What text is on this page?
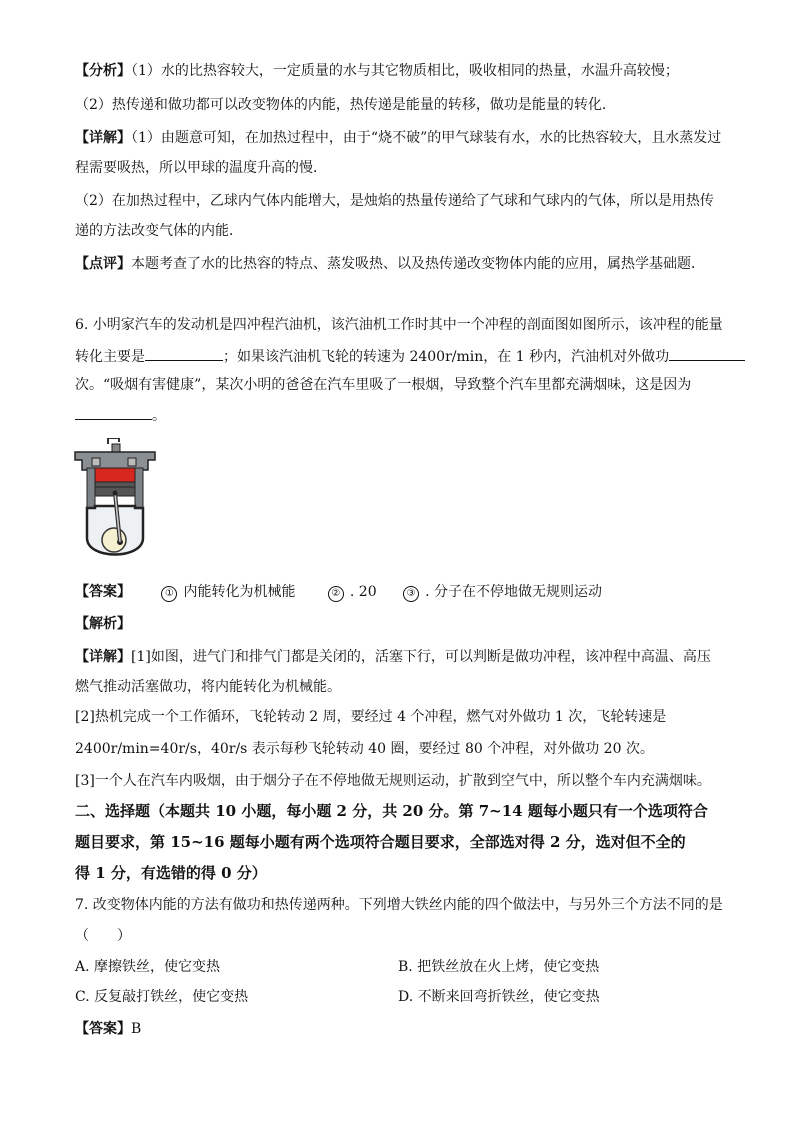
【分析】（1）水的比热容较大，一定质量的水与其它物质相比，吸收相同的热量，水温升高较慢；
（2）热传递和做功都可以改变物体的内能，热传递是能量的转移，做功是能量的转化．
【详解】（1）由题意可知，在加热过程中，由于“烧不破”的甲气球装有水，水的比热容较大，且水蒸发过
程需要吸热，所以甲球的温度升高的慢．
（2）在加热过程中，乙球内气体内能增大，是烛焰的热量传递给了气球和气球内的气体，所以是用热传
递的方法改变气体的内能．
【点评】本题考查了水的比热容的特点、蒸发吸热、以及热传递改变物体内能的应用，属热学基础题．
6. 小明家汽车的发动机是四冲程汽油机，该汽油机工作时其中一个冲程的剖面图如图所示，该冲程的能量
转化主要是	；如果该汽油机飞轮的转速为 2400r/min，在 1 秒内，汽油机对外做功
次。“吸烟有害健康”，某次小明的爸爸在汽车里吸了一根烟，导致整个汽车里都充满烟味，这是因为
。
【答案】	① 内能转化为机械能	② . 20	③ . 分子在不停地做无规则运动
【解析】
【详解】[1]如图，进气门和排气门都是关闭的，活塞下行，可以判断是做功冲程，该冲程中高温、高压
燃气推动活塞做功，将内能转化为机械能。
[2]热机完成一个工作循环，飞轮转动 2 周，要经过 4 个冲程，燃气对外做功 1 次，飞轮转速是
2400r/min=40r/s，40r/s 表示每秒飞轮转动 40 圈，要经过 80 个冲程，对外做功 20 次。
[3]一个人在汽车内吸烟，由于烟分子在不停地做无规则运动，扩散到空气中，所以整个车内充满烟味。
二、选择题（本题共 10 小题，每小题 2 分，共 20 分。第 7~14 题每小题只有一个选项符合
题目要求，第 15~16 题每小题有两个选项符合题目要求，全部选对得 2 分，选对但不全的
得 1 分，有选错的得 0 分）
7. 改变物体内能的方法有做功和热传递两种。下列增大铁丝内能的四个做法中，与另外三个方法不同的是
（　　）
A. 摩擦铁丝，使它变热	B. 把铁丝放在火上烤，使它变热
C. 反复敲打铁丝，使它变热	D. 不断来回弯折铁丝，使它变热
【答案】B
